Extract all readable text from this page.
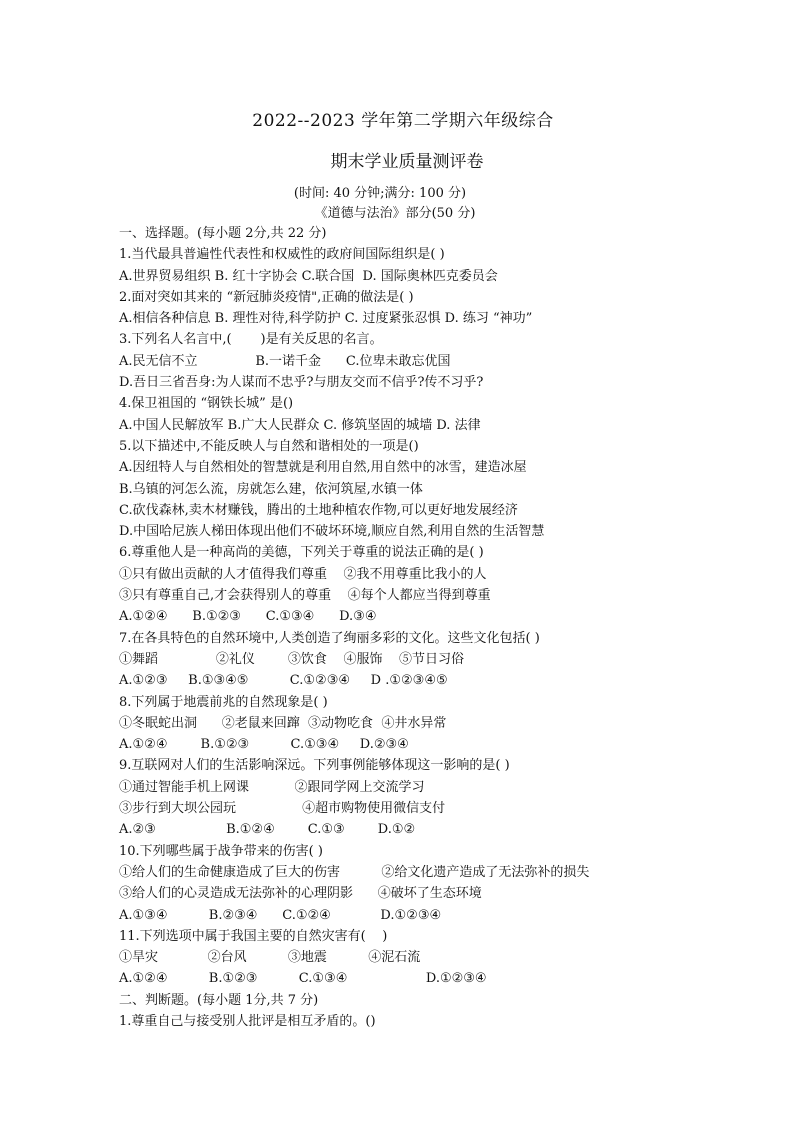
2022--2023 学年第二学期六年级综合
期末学业质量测评卷
(时间: 40 分钟;满分: 100 分)
《道德与法治》部分(50 分)
一、选择题。(每小题 2分,共 22 分)
1.当代最具普遍性代表性和权威性的政府间国际组织是( )
A.世界贸易组织 B. 红十字协会 C.联合国  D. 国际奥林匹克委员会
2.面对突如其来的 “新冠肺炎疫情",正确的做法是( )
A.相信各种信息 B. 理性对待,科学防护 C. 过度紧张忍惧 D. 练习 “神功”
3.下列名人名言中,(       )是有关反思的名言。
A.民无信不立              B.一诺千金      C.位卑未敢忘优国
D.吾日三省吾身:为人谋而不忠乎?与朋友交而不信乎?传不习乎?
4.保卫祖国的 “钢铁长城” 是()
A.中国人民解放军 B.广大人民群众 C. 修筑坚固的城墙 D. 法律
5.以下描述中,不能反映人与自然和谐相处的一项是()
A.因纽特人与自然相处的智慧就是利用自然,用自然中的冰雪，建造冰屋
B.乌镇的河怎么流，房就怎么建，依河筑屋,水镇一体
C.砍伐森林,卖木材赚钱，腾出的土地种植农作物,可以更好地发展经济
D.中国哈尼族人梯田体现出他们不破坏环境,顺应自然,利用自然的生活智慧
6.尊重他人是一种高尚的美德，下列关于尊重的说法正确的是( )
①只有做出贡献的人才值得我们尊重    ②我不用尊重比我小的人
③只有尊重自己,才会获得别人的尊重    ④每个人都应当得到尊重
A.①②④      B.①②③      C.①③④      D.③④
7.在各具特色的自然环境中,人类创造了绚丽多彩的文化。这些文化包括( )
①舞蹈              ②礼仪        ③饮食    ④服饰    ⑤节日习俗
A.①②③     B.①③④⑤          C.①②③④     D .①②③④⑤
8.下列属于地震前兆的自然现象是( )
①冬眠蛇出洞      ②老鼠来回蹿  ③动物吃食  ④井水异常
A.①②④        B.①②③          C.①③④     D.②③④
9.互联网对人们的生活影响深远。下列事例能够体现这一影响的是( )
①通过智能手机上网课           ②跟同学网上交流学习
③步行到大坝公园玩                ④超市购物使用微信支付
A.②③                 B.①②④        C.①③        D.①②
10.下列哪些属于战争带来的伤害( )
①给人们的生命健康造成了巨大的伤害          ②给文化遗产造成了无法弥补的损失
③给人们的心灵造成无法弥补的心理阴影      ④破坏了生态环境
A.①③④          B.②③④      C.①②④            D.①②③④
11.下列选项中属于我国主要的自然灾害有(    )
①旱灾            ②台风          ③地震          ④泥石流
A.①②④          B.①②③          C.①③④                   D.①②③④
二、判断题。(每小题 1分,共 7 分)
1.尊重自己与接受别人批评是相互矛盾的。()
